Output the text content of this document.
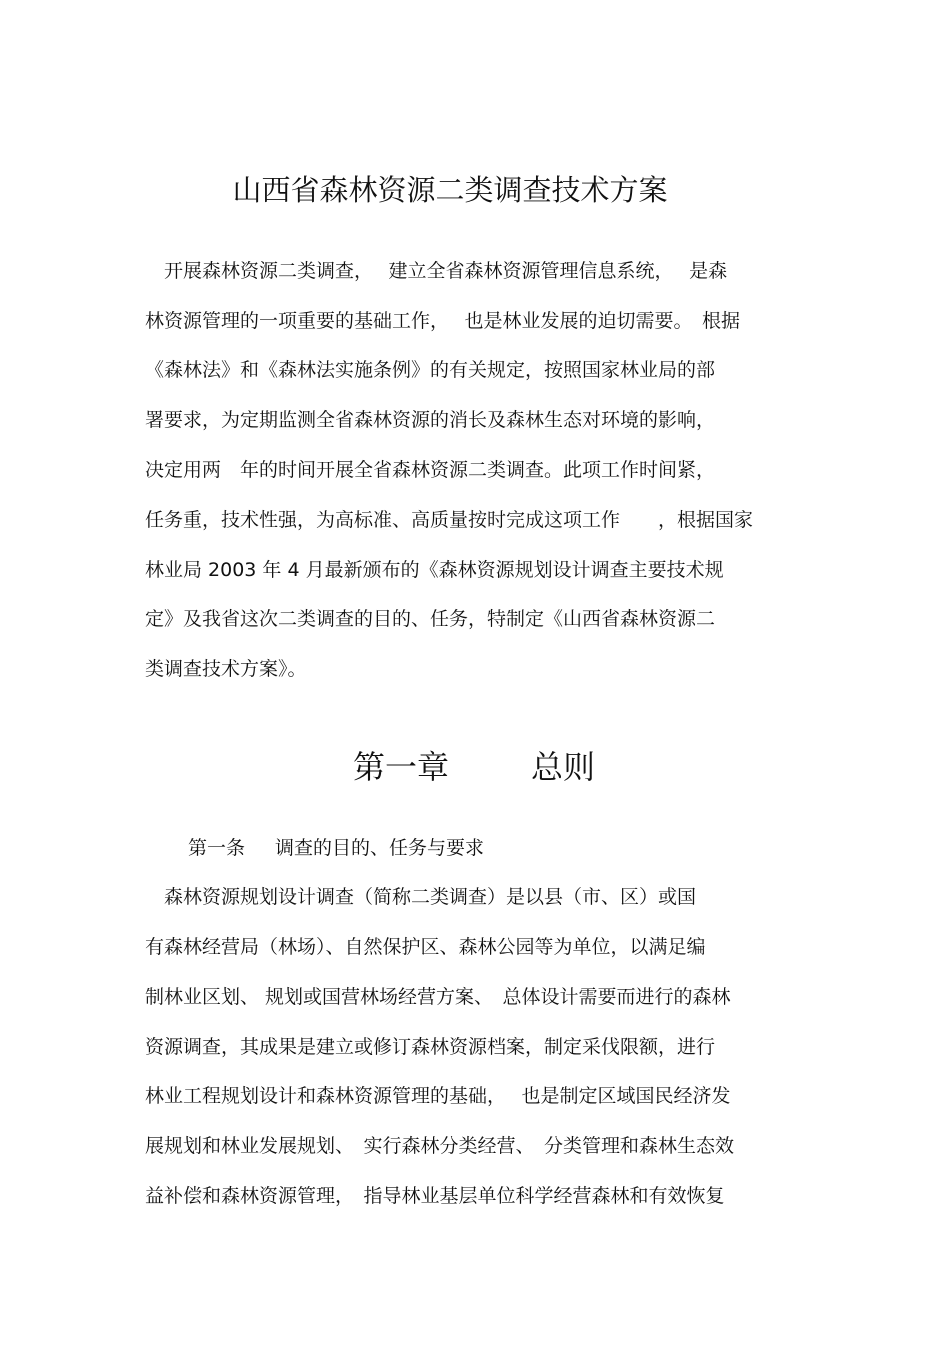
山西省森林资源二类调查技术方案
　开展森林资源二类调查，　 建立全省森林资源管理信息系统，　 是森
林资源管理的一项重要的基础工作，　 也是林业发展的迫切需要。　根据
《森林法》和《森林法实施条例》的有关规定，按照国家林业局的部
署要求，为定期监测全省森林资源的消长及森林生态对环境的影响，
决定用两　年的时间开展全省森林资源二类调查。此项工作时间紧，
任务重，技术性强，为高标准、高质量按时完成这项工作　　，根据国家
林业局 2003 年 4 月最新颁布的《森林资源规划设计调查主要技术规
定》及我省这次二类调查的目的、任务，特制定《山西省森林资源二
类调查技术方案》。
第一章	总则
第一条 调查的目的、任务与要求
　森林资源规划设计调查（简称二类调查）是以县（市、区）或国
有森林经营局（林场）、自然保护区、森林公园等为单位，以满足编
制林业区划、 规划或国营林场经营方案、　总体设计需要而进行的森林
资源调查，其成果是建立或修订森林资源档案，制定采伐限额，进行
林业工程规划设计和森林资源管理的基础，　 也是制定区域国民经济发
展规划和林业发展规划、　实行森林分类经营、　分类管理和森林生态效
益补偿和森林资源管理，　指导林业基层单位科学经营森林和有效恢复
